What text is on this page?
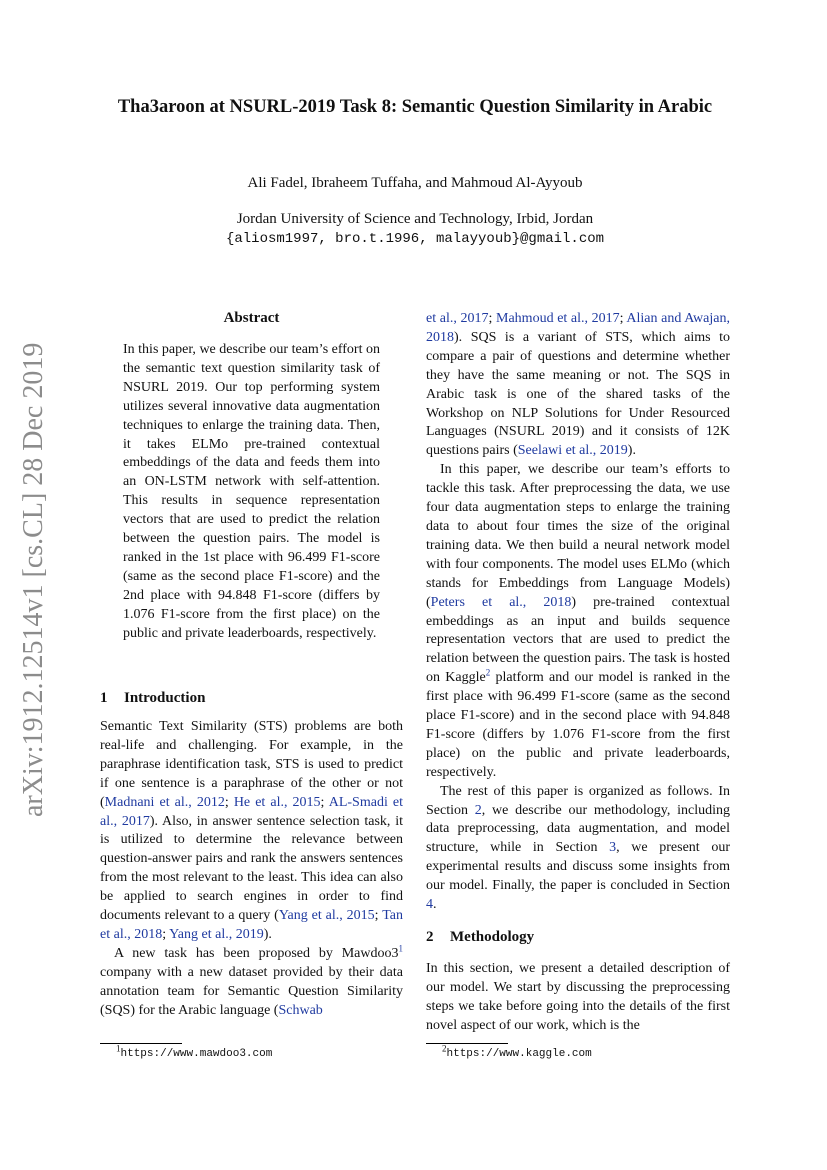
Tha3aroon at NSURL-2019 Task 8: Semantic Question Similarity in Arabic
Ali Fadel, Ibraheem Tuffaha, and Mahmoud Al-Ayyoub
Jordan University of Science and Technology, Irbid, Jordan
{aliosm1997, bro.t.1996, malayyoub}@gmail.com
arXiv:1912.12514v1 [cs.CL] 28 Dec 2019
Abstract
In this paper, we describe our team’s effort on the semantic text question similarity task of NSURL 2019. Our top performing system utilizes several innovative data augmentation techniques to enlarge the training data. Then, it takes ELMo pre-trained contextual embeddings of the data and feeds them into an ON-LSTM network with self-attention. This results in sequence representation vectors that are used to predict the relation between the question pairs. The model is ranked in the 1st place with 96.499 F1-score (same as the second place F1-score) and the 2nd place with 94.848 F1-score (differs by 1.076 F1-score from the first place) on the public and private leaderboards, respectively.
1 Introduction

Semantic Text Similarity (STS) problems are both real-life and challenging. For example, in the paraphrase identification task, STS is used to predict if one sentence is a paraphrase of the other or not (Madnani et al., 2012; He et al., 2015; AL-Smadi et al., 2017). Also, in answer sentence selection task, it is utilized to determine the relevance between question-answer pairs and rank the answers sentences from the most relevant to the least. This idea can also be applied to search engines in order to find documents relevant to a query (Yang et al., 2015; Tan et al., 2018; Yang et al., 2019).

A new task has been proposed by Mawdoo3$^1$ company with a new dataset provided by their data annotation team for Semantic Question Similarity (SQS) for the Arabic language (Schwab

$^1$https://www.mawdoo3.com

et al., 2017; Mahmoud et al., 2017; Alian and Awajan, 2018). SQS is a variant of STS, which aims to compare a pair of questions and determine whether they have the same meaning or not. The SQS in Arabic task is one of the shared tasks of the Workshop on NLP Solutions for Under Resourced Languages (NSURL 2019) and it consists of 12K questions pairs (Seelawi et al., 2019).

In this paper, we describe our team’s efforts to tackle this task. After preprocessing the data, we use four data augmentation steps to enlarge the training data to about four times the size of the original training data. We then build a neural network model with four components. The model uses ELMo (which stands for Embeddings from Language Models) (Peters et al., 2018) pre-trained contextual embeddings as an input and builds sequence representation vectors that are used to predict the relation between the question pairs. The task is hosted on Kaggle$^2$ platform and our model is ranked in the first place with 96.499 F1-score (same as the second place F1-score) and in the second place with 94.848 F1-score (differs by 1.076 F1-score from the first place) on the public and private leaderboards, respectively.

The rest of this paper is organized as follows. In Section 2, we describe our methodology, including data preprocessing, data augmentation, and model structure, while in Section 3, we present our experimental results and discuss some insights from our model. Finally, the paper is concluded in Section 4.

2 Methodology

In this section, we present a detailed description of our model. We start by discussing the preprocessing steps we take before going into the details of the first novel aspect of our work, which is the

$^2$https://www.kaggle.com
